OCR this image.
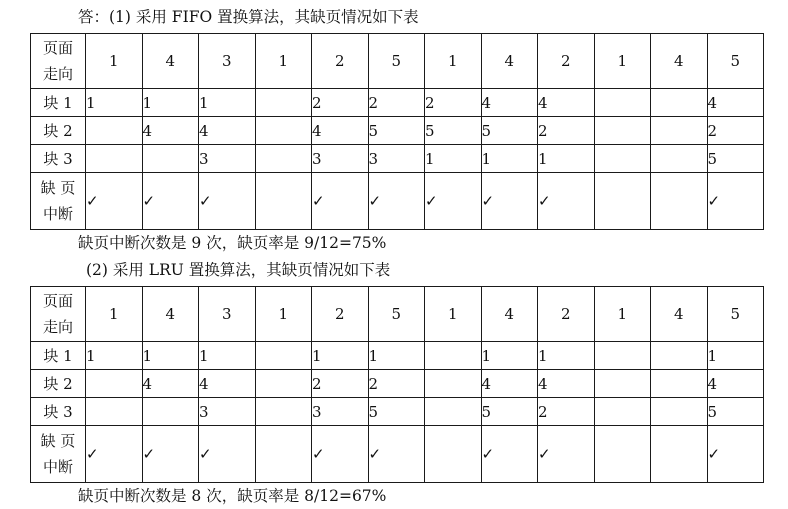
答：(1) 采用 FIFO 置换算法，其缺页情况如下表
页面
走向	1	4	3	1	2	5	1	4	2	1	4	5
块 1	1	1	1		2	2	2	4	4			4
块 2		4	4		4	5	5	5	2			2
块 3			3		3	3	1	1	1			5
缺 页
中断	✓	✓	✓		✓	✓	✓	✓	✓			✓
缺页中断次数是 9 次，缺页率是 9/12=75%
(2) 采用 LRU 置换算法，其缺页情况如下表
页面
走向	1	4	3	1	2	5	1	4	2	1	4	5
块 1	1	1	1		1	1		1	1			1
块 2		4	4		2	2		4	4			4
块 3			3		3	5		5	2			5
缺 页
中断	✓	✓	✓		✓	✓		✓	✓			✓
缺页中断次数是 8 次，缺页率是 8/12=67%
